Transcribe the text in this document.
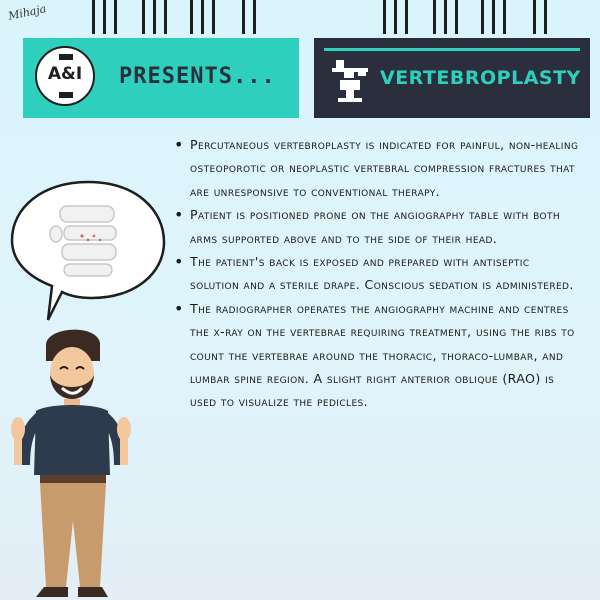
Mihaja
A&I	PRESENTS...	VERTEBROPLASTY
• Percutaneous vertebroplasty is indicated for painful, non-healing osteoporotic or neoplastic vertebral compression fractures that are unresponsive to conventional therapy.
• Patient is positioned prone on the angiography table with both arms supported above and to the side of their head.
• The patient's back is exposed and prepared with antiseptic solution and a sterile drape. Conscious sedation is administered.
• The radiographer operates the angiography machine and centres the x-ray on the vertebrae requiring treatment, using the ribs to count the vertebrae around the thoracic, thoraco-lumbar, and lumbar spine region. A slight right anterior oblique (RAO) is used to visualize the pedicles.
